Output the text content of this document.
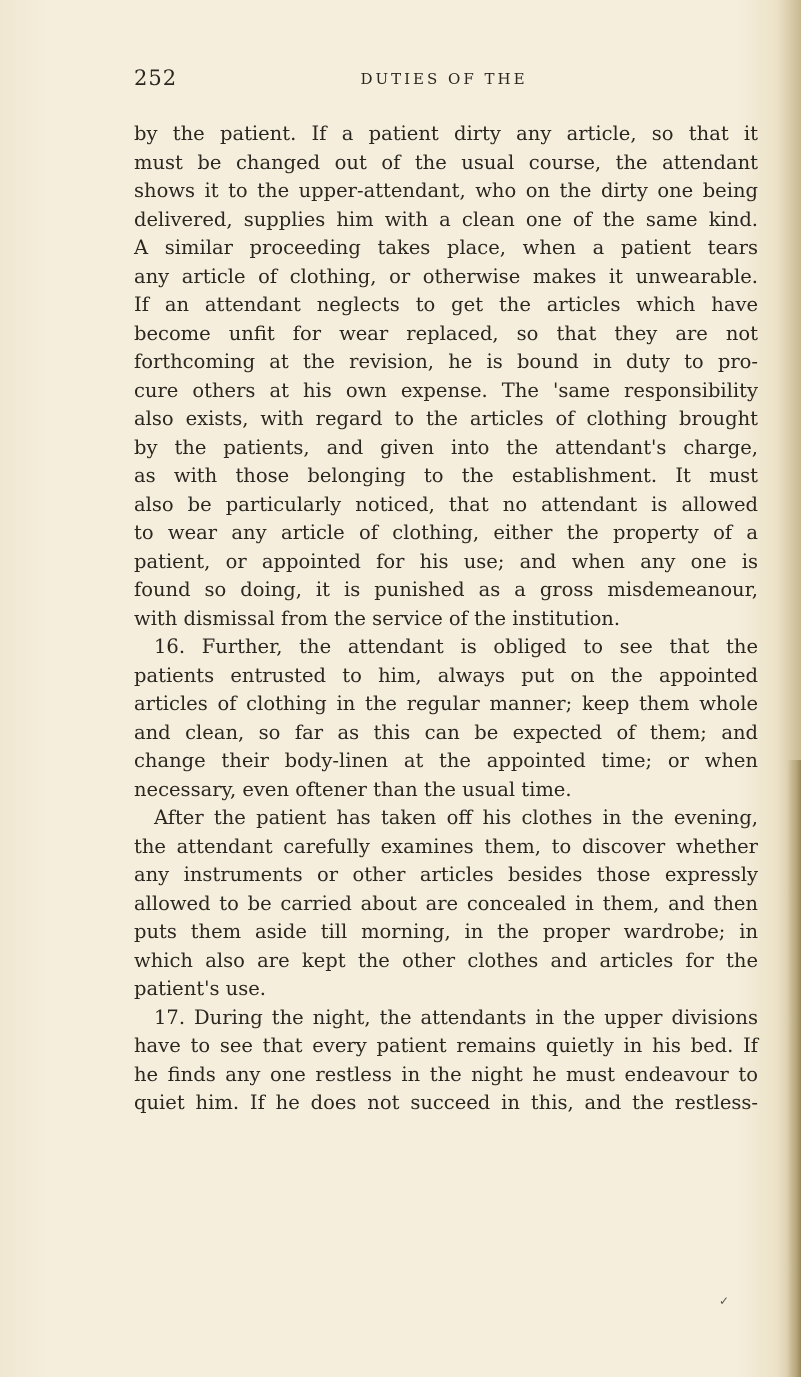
252	DUTIES OF THE
by the patient. If a patient dirty any article, so that it
must be changed out of the usual course, the attendant
shows it to the upper-attendant, who on the dirty one being
delivered, supplies him with a clean one of the same kind.
A similar proceeding takes place, when a patient tears
any article of clothing, or otherwise makes it unwearable.
If an attendant neglects to get the articles which have
become unfit for wear replaced, so that they are not
forthcoming at the revision, he is bound in duty to pro-
cure others at his own expense. The 'same responsibility
also exists, with regard to the articles of clothing brought
by the patients, and given into the attendant's charge,
as with those belonging to the establishment. It must
also be particularly noticed, that no attendant is allowed
to wear any article of clothing, either the property of a
patient, or appointed for his use; and when any one is
found so doing, it is punished as a gross misdemeanour,
with dismissal from the service of the institution.
16. Further, the attendant is obliged to see that the
patients entrusted to him, always put on the appointed
articles of clothing in the regular manner; keep them whole
and clean, so far as this can be expected of them; and
change their body-linen at the appointed time; or when
necessary, even oftener than the usual time.
After the patient has taken off his clothes in the evening,
the attendant carefully examines them, to discover whether
any instruments or other articles besides those expressly
allowed to be carried about are concealed in them, and then
puts them aside till morning, in the proper wardrobe; in
which also are kept the other clothes and articles for the
patient's use.
17. During the night, the attendants in the upper divisions
have to see that every patient remains quietly in his bed. If
he finds any one restless in the night he must endeavour to
quiet him. If he does not succeed in this, and the restless-
✓
